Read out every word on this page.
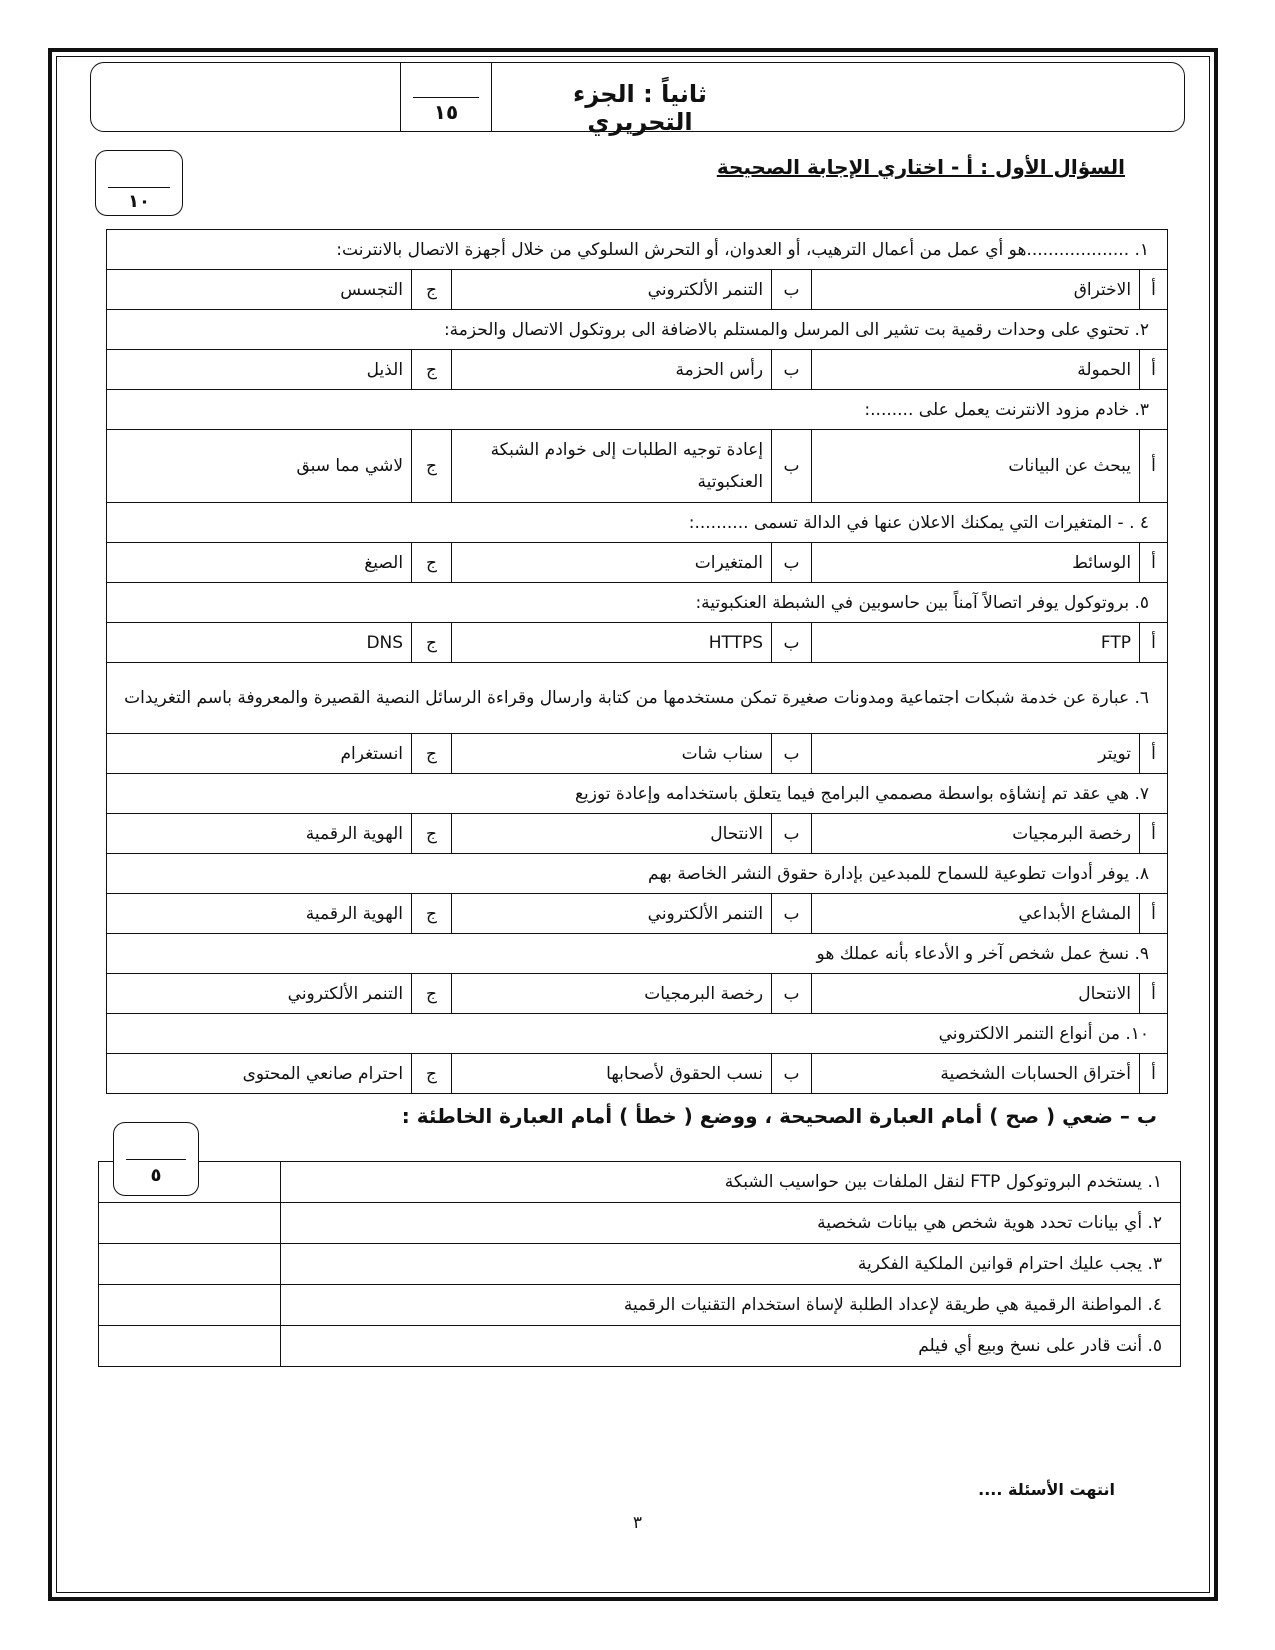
١٥
ثانياً : الجزء التحريري
١٠
السؤال الأول : أ - اختاري الإجابة الصحيحة
١. ...................هو أي عمل من أعمال الترهيب، أو العدوان، أو التحرش السلوكي من خلال أجهزة الاتصال بالانترنت:					
أ	الاختراق	ب	التنمر الألكتروني	ج	التجسس
٢. تحتوي على وحدات رقمية بت تشير الى المرسل والمستلم بالاضافة الى بروتكول الاتصال والحزمة:					
أ	الحمولة	ب	رأس الحزمة	ج	الذيل
٣. خادم مزود الانترنت يعمل على ........:					
أ	يبحث عن البيانات	ب	إعادة توجيه الطلبات إلى خوادم الشبكة العنكبوتية	ج	لاشي مما سبق
٤ . - المتغيرات التي يمكنك الاعلان عنها في الدالة تسمى ..........:					
أ	الوسائط	ب	المتغيرات	ج	الصيغ
٥. بروتوكول يوفر اتصالاً آمناً بين حاسوبين في الشبطة العنكبوتية:					
أ	FTP	ب	HTTPS	ج	DNS
٦. عبارة عن خدمة شبكات اجتماعية ومدونات صغيرة تمكن مستخدمها من كتابة وارسال وقراءة الرسائل النصية القصيرة والمعروفة باسم التغريدات					
أ	تويتر	ب	سناب شات	ج	انستغرام
٧. هي عقد تم إنشاؤه بواسطة مصممي البرامج فيما يتعلق باستخدامه وإعادة توزيع					
أ	رخصة البرمجيات	ب	الانتحال	ج	الهوية الرقمية
٨. يوفر أدوات تطوعية للسماح للمبدعين بإدارة حقوق النشر الخاصة بهم					
أ	المشاع الأبداعي	ب	التنمر الألكتروني	ج	الهوية الرقمية
٩. نسخ عمل شخص آخر و الأدعاء بأنه عملك هو					
أ	الانتحال	ب	رخصة البرمجيات	ج	التنمر الألكتروني
١٠. من أنواع التنمر الالكتروني					
أ	أختراق الحسابات الشخصية	ب	نسب الحقوق لأصحابها	ج	احترام صانعي المحتوى
ب – ضعي ( صح ) أمام العبارة الصحيحة ، ووضع ( خطأ ) أمام العبارة الخاطئة :
١. يستخدم البروتوكول FTP لنقل الملفات بين حواسيب الشبكة	
٢. أي بيانات تحدد هوية شخص هي بيانات شخصية	
٣. يجب عليك احترام قوانين الملكية الفكرية	
٤. المواطنة الرقمية هي طريقة لإعداد الطلبة لإساة استخدام التقنيات الرقمية	
٥. أنت قادر على نسخ وبيع أي فيلم	
٥
انتهت الأسئلة ....
٣
